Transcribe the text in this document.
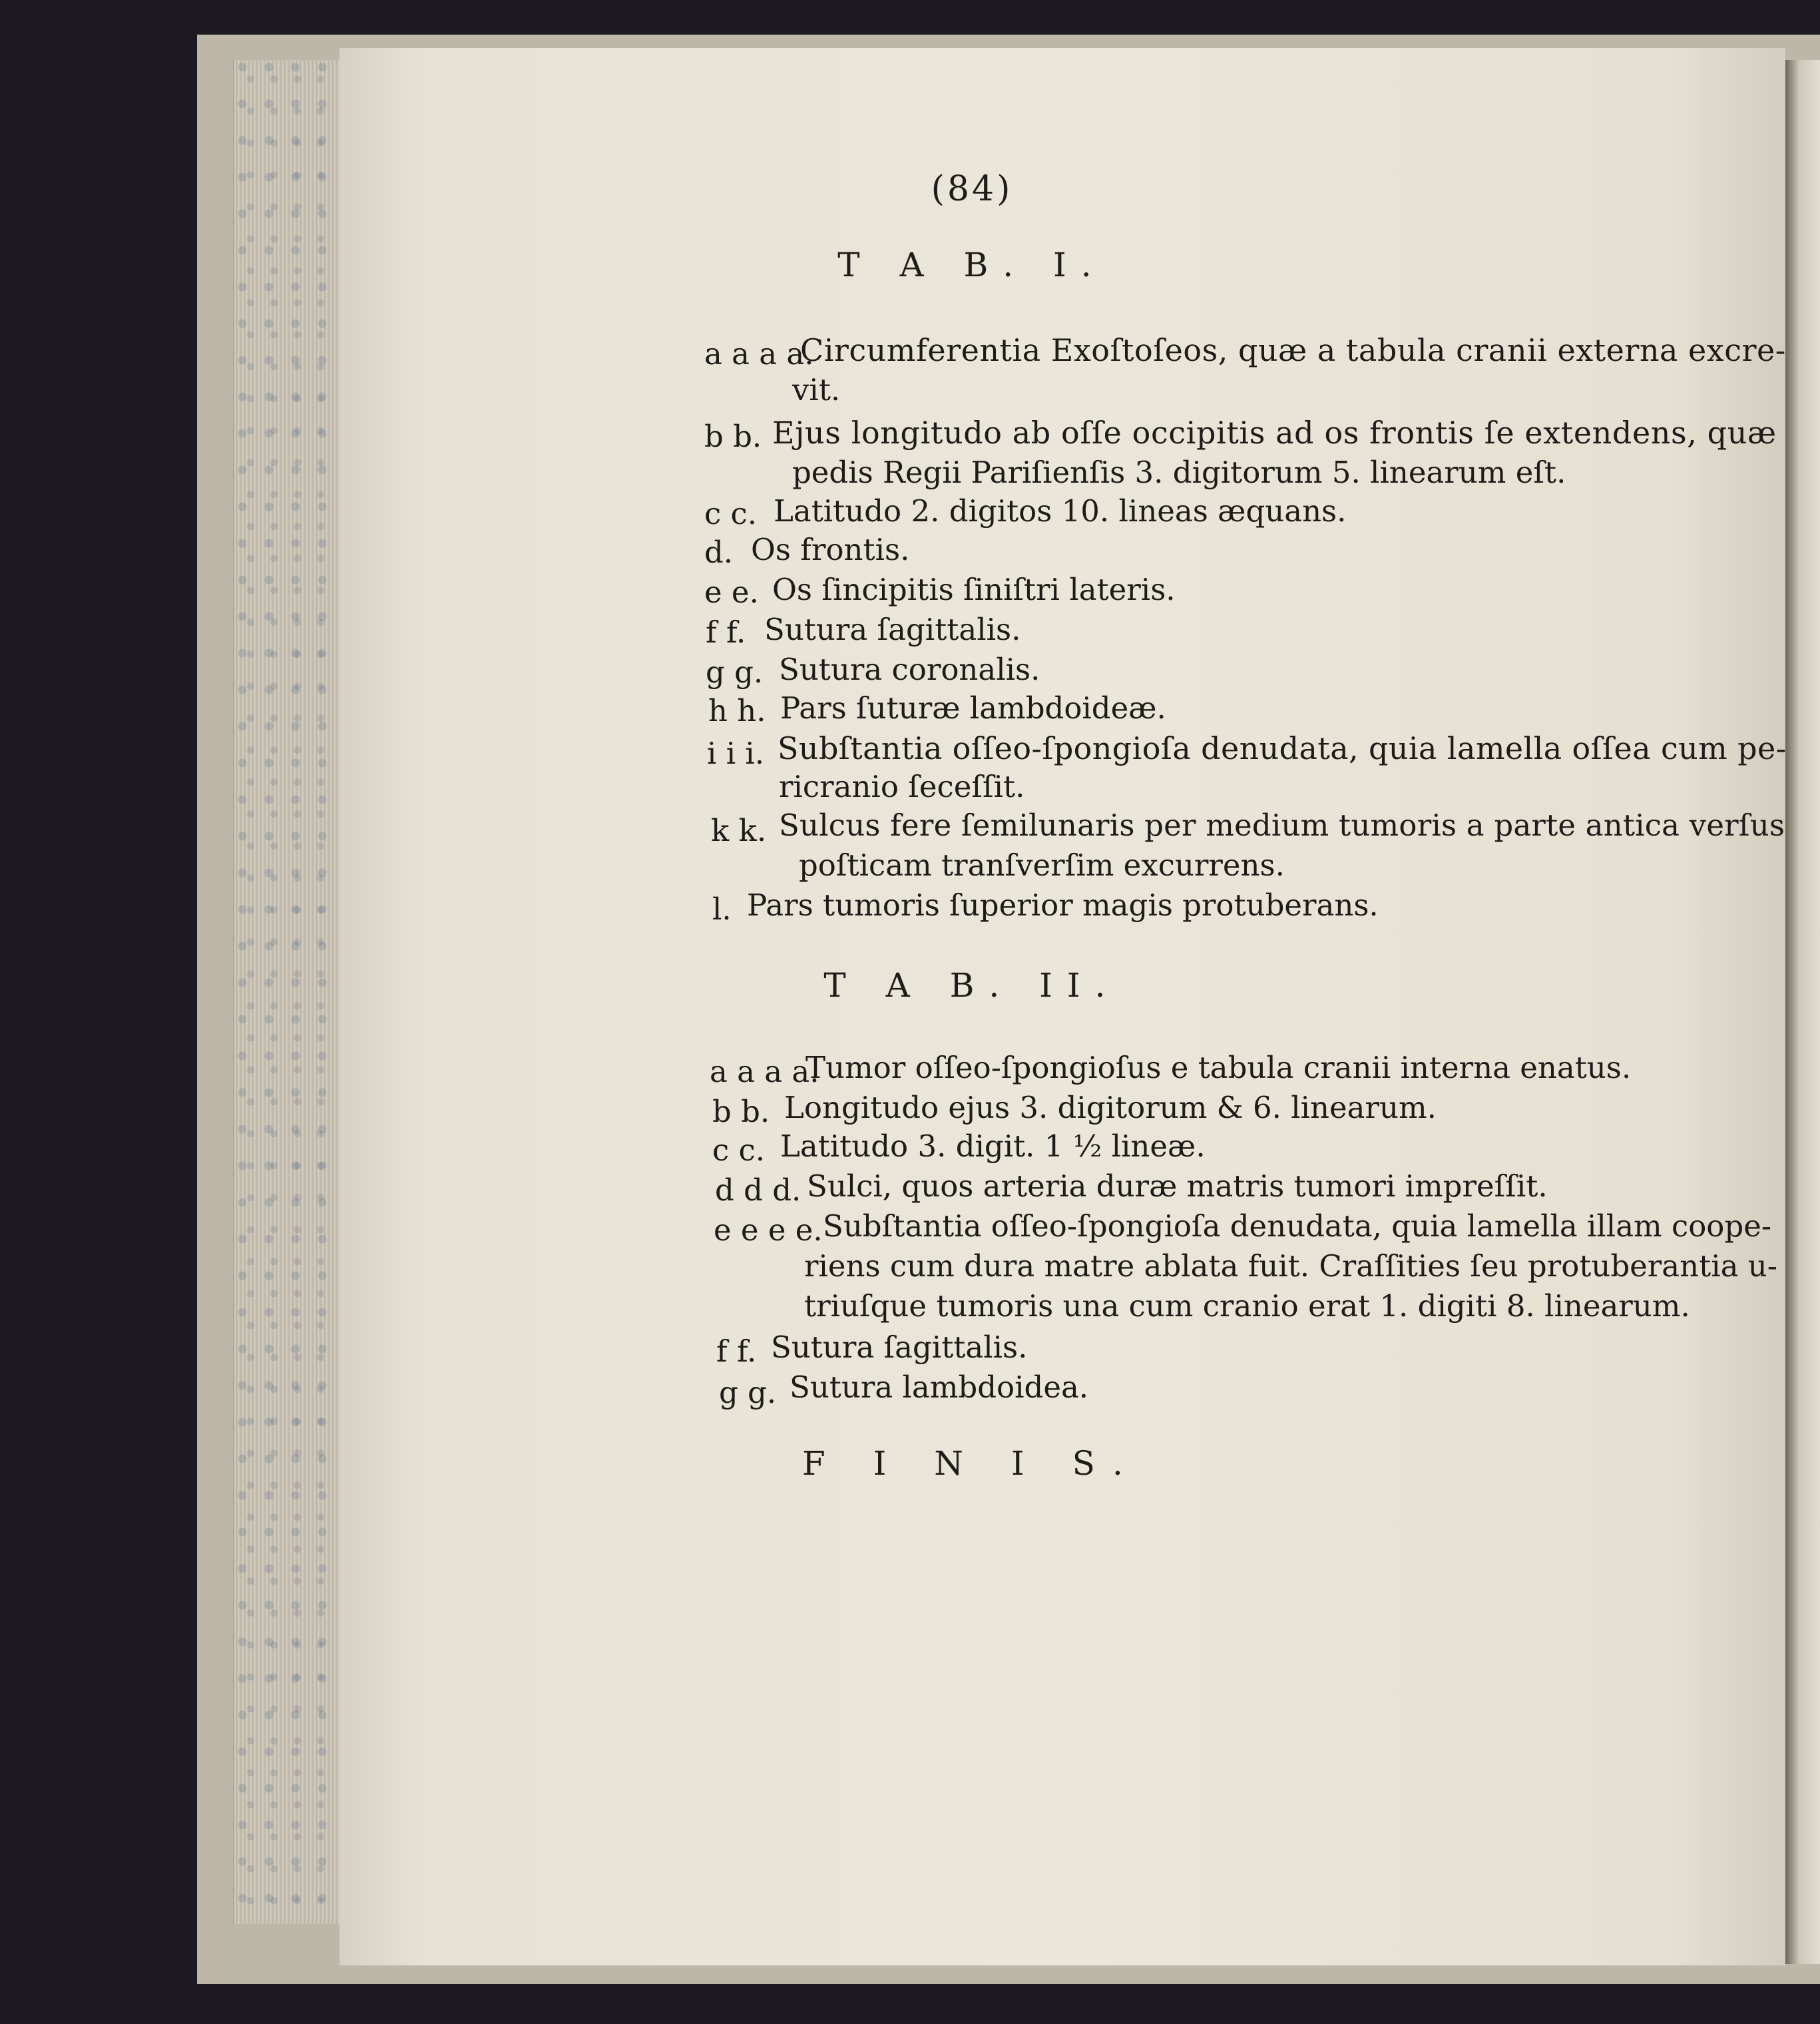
(84)
T A B. I.
a a a a.
Circumferentia Exoſtoſeos, quæ a tabula cranii externa excre-
vit.
b b. Ejus longitudo ab oſſe occipitis ad os frontis ſe extendens, quæ
pedis Regii Pariſienſis 3. digitorum 5. linearum eſt.
c c. Latitudo 2. digitos 10. lineas æquans.
d. Os frontis.
e e. Os ſincipitis ſiniſtri lateris.
f f. Sutura ſagittalis.
g g. Sutura coronalis.
h h. Pars ſuturæ lambdoideæ.
i i i. Subſtantia oſſeo-ſpongioſa denudata, quia lamella oſſea cum pe-
ricranio ſeceſſit.
k k. Sulcus fere ſemilunaris per medium tumoris a parte antica verſus
poſticam tranſverſim excurrens.
l. Pars tumoris ſuperior magis protuberans.
T A B. II.
a a a a.
Tumor oſſeo-ſpongioſus e tabula cranii interna enatus.
b b. Longitudo ejus 3. digitorum & 6. linearum.
c c. Latitudo 3. digit. 1 ½ lineæ.
d d d. Sulci, quos arteria duræ matris tumori impreſſit.
e e e e. Subſtantia oſſeo-ſpongioſa denudata, quia lamella illam coope-
riens cum dura matre ablata fuit. Craſſities ſeu protuberantia u-
triuſque tumoris una cum cranio erat 1. digiti 8. linearum.
f f. Sutura ſagittalis.
g g. Sutura lambdoidea.
F I N I S.
